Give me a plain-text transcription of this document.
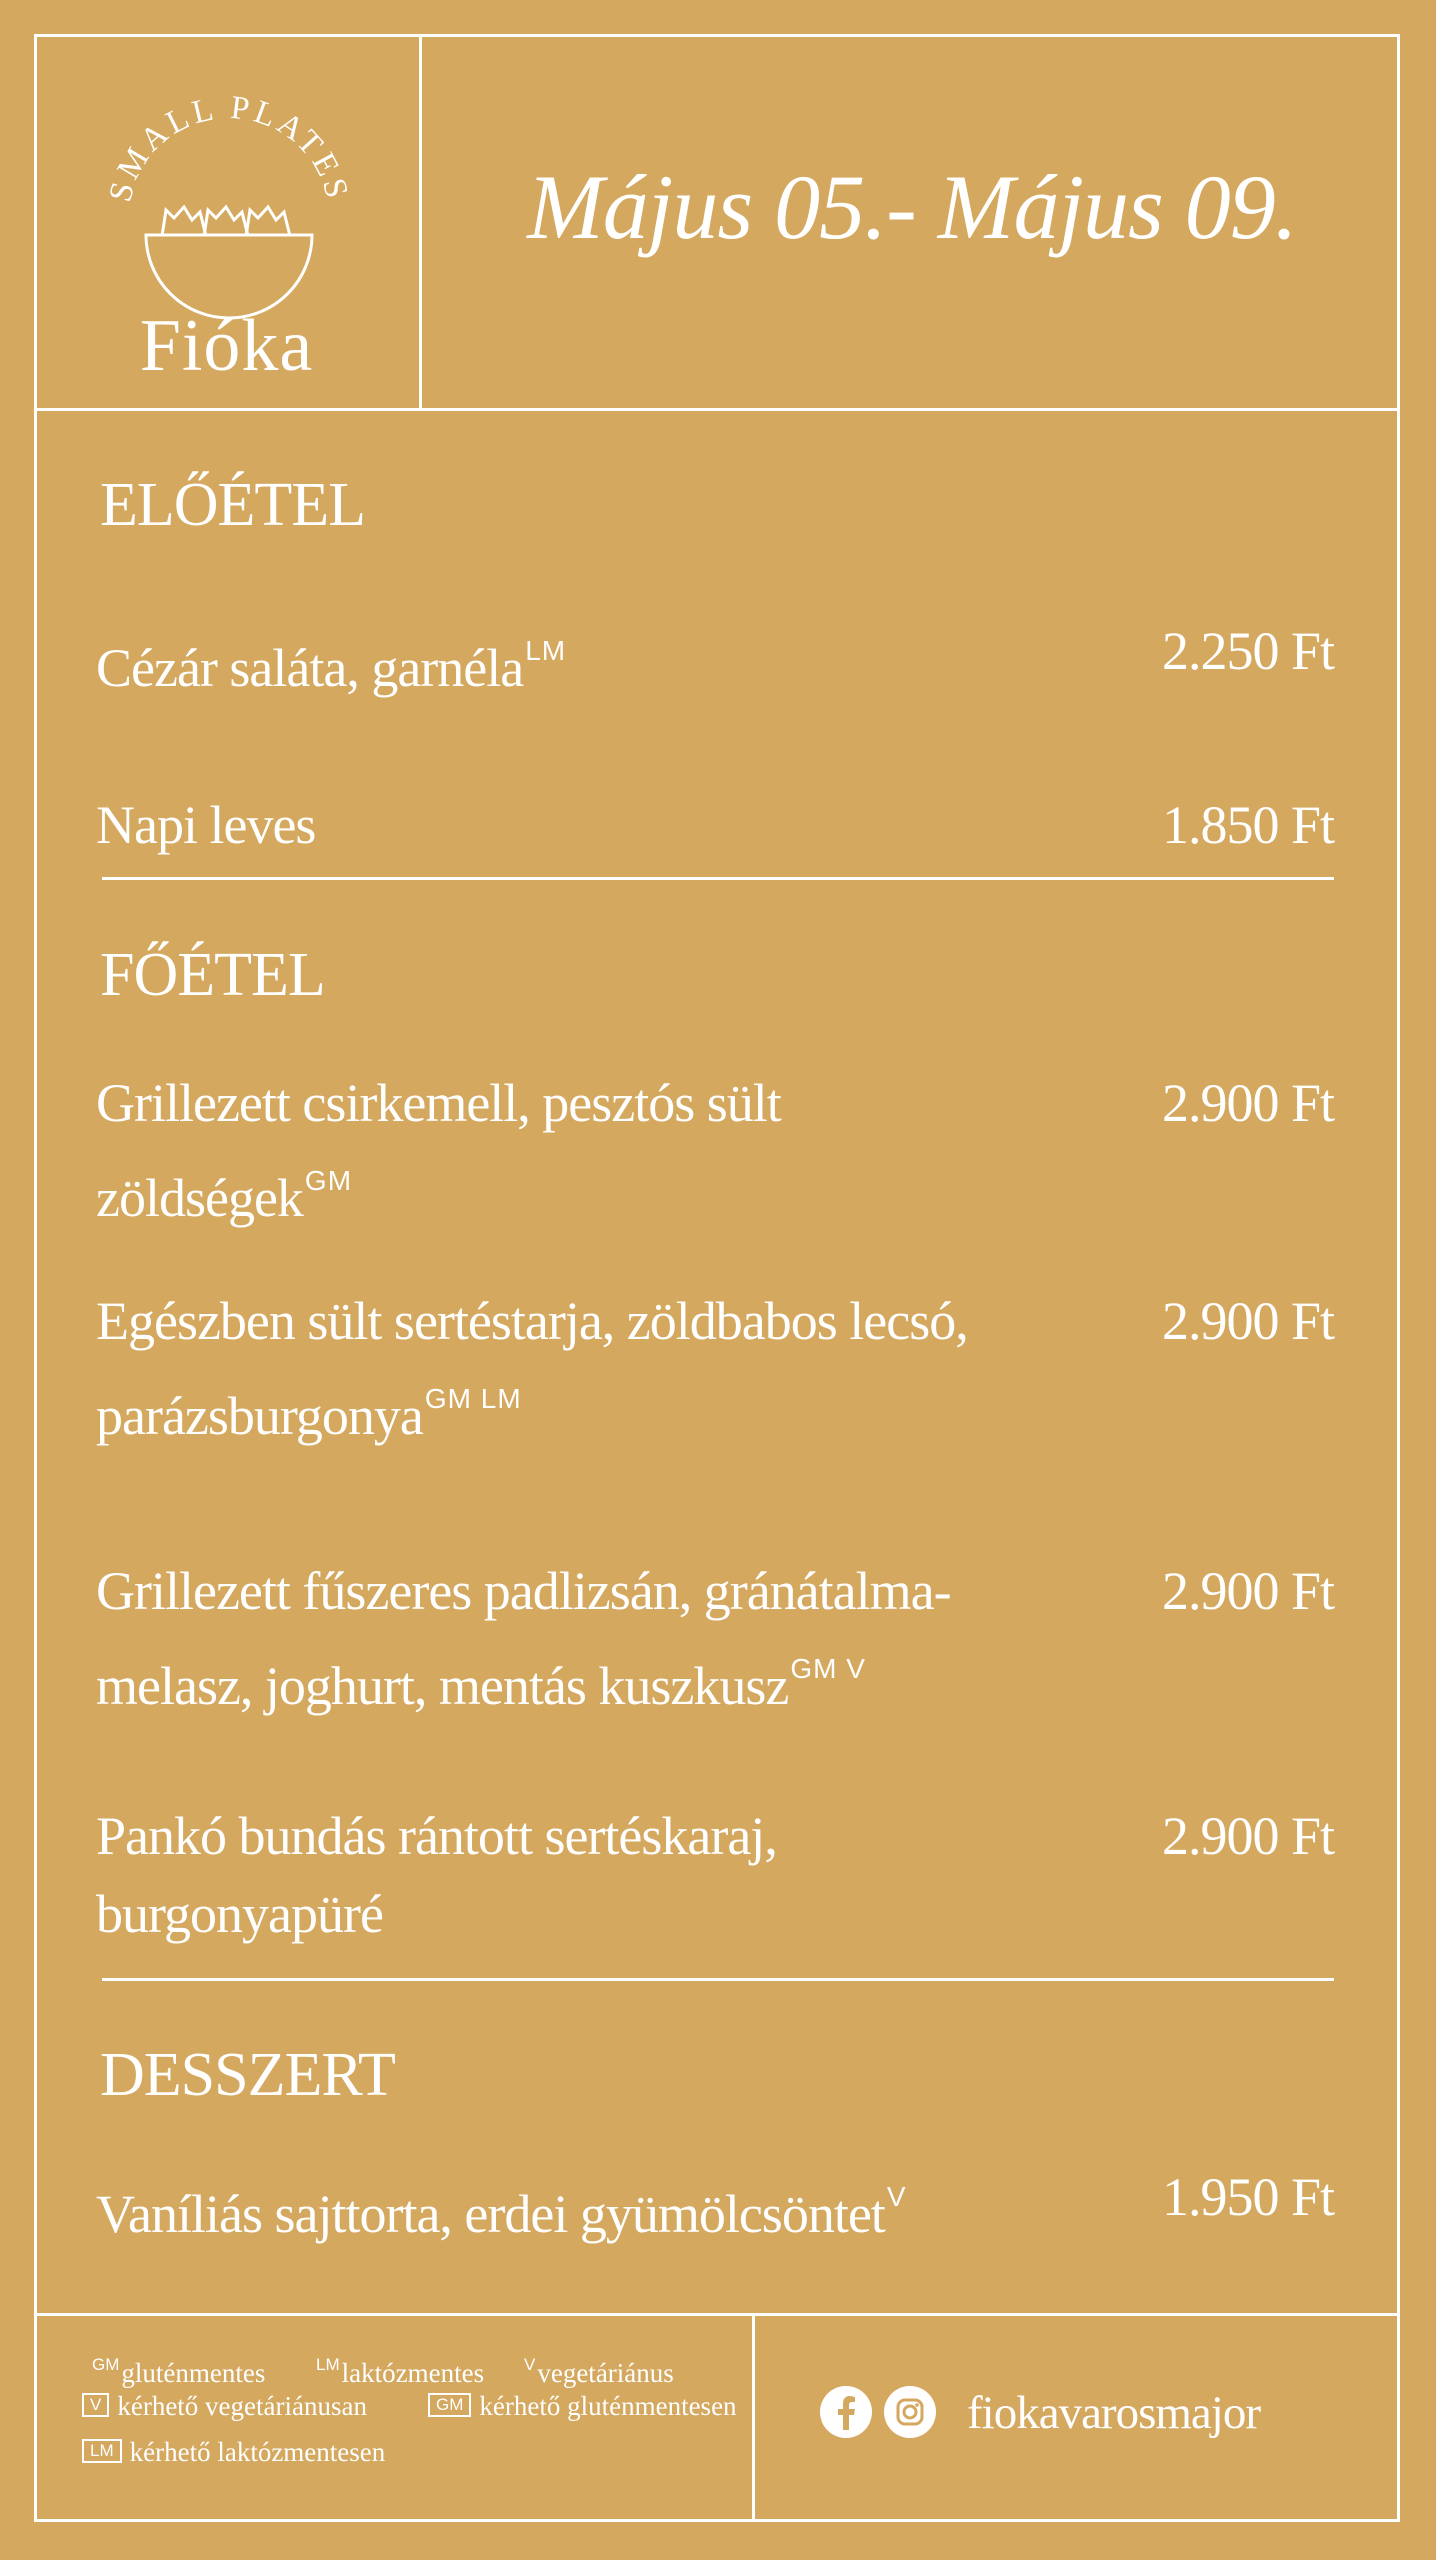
SMALL PLATES
Fióka
Május 05.- Május 09.
ELŐÉTEL
Cézár saláta, garnéla$^{LM}$	2.250 Ft
Napi leves	1.850 Ft
FŐÉTEL
Grillezett csirkemell, pesztós sült zöldségek$^{GM}$
2.900 Ft
Egészben sült sertéstarja, zöldbabos lecsó,
parázsburgonya$^{GM LM}$
2.900 Ft
Grillezett fűszeres padlizsán, gránátalma-
melasz, joghurt, mentás kuszkusz$^{GM V}$
2.900 Ft
Pankó bundás rántott sertéskaraj,
burgonyapüré
2.900 Ft
DESSZERT
Vaníliás sajttorta, erdei gyümölcsöntet$^V$	1.950 Ft
$^{GM}$gluténmentes	$^{LM}$laktózmentes $^V$vegetáriánus
V kérhető vegetáriánusan	GM kérhető gluténmentesen
LM kérhető laktózmentesen
fiokavarosmajor
